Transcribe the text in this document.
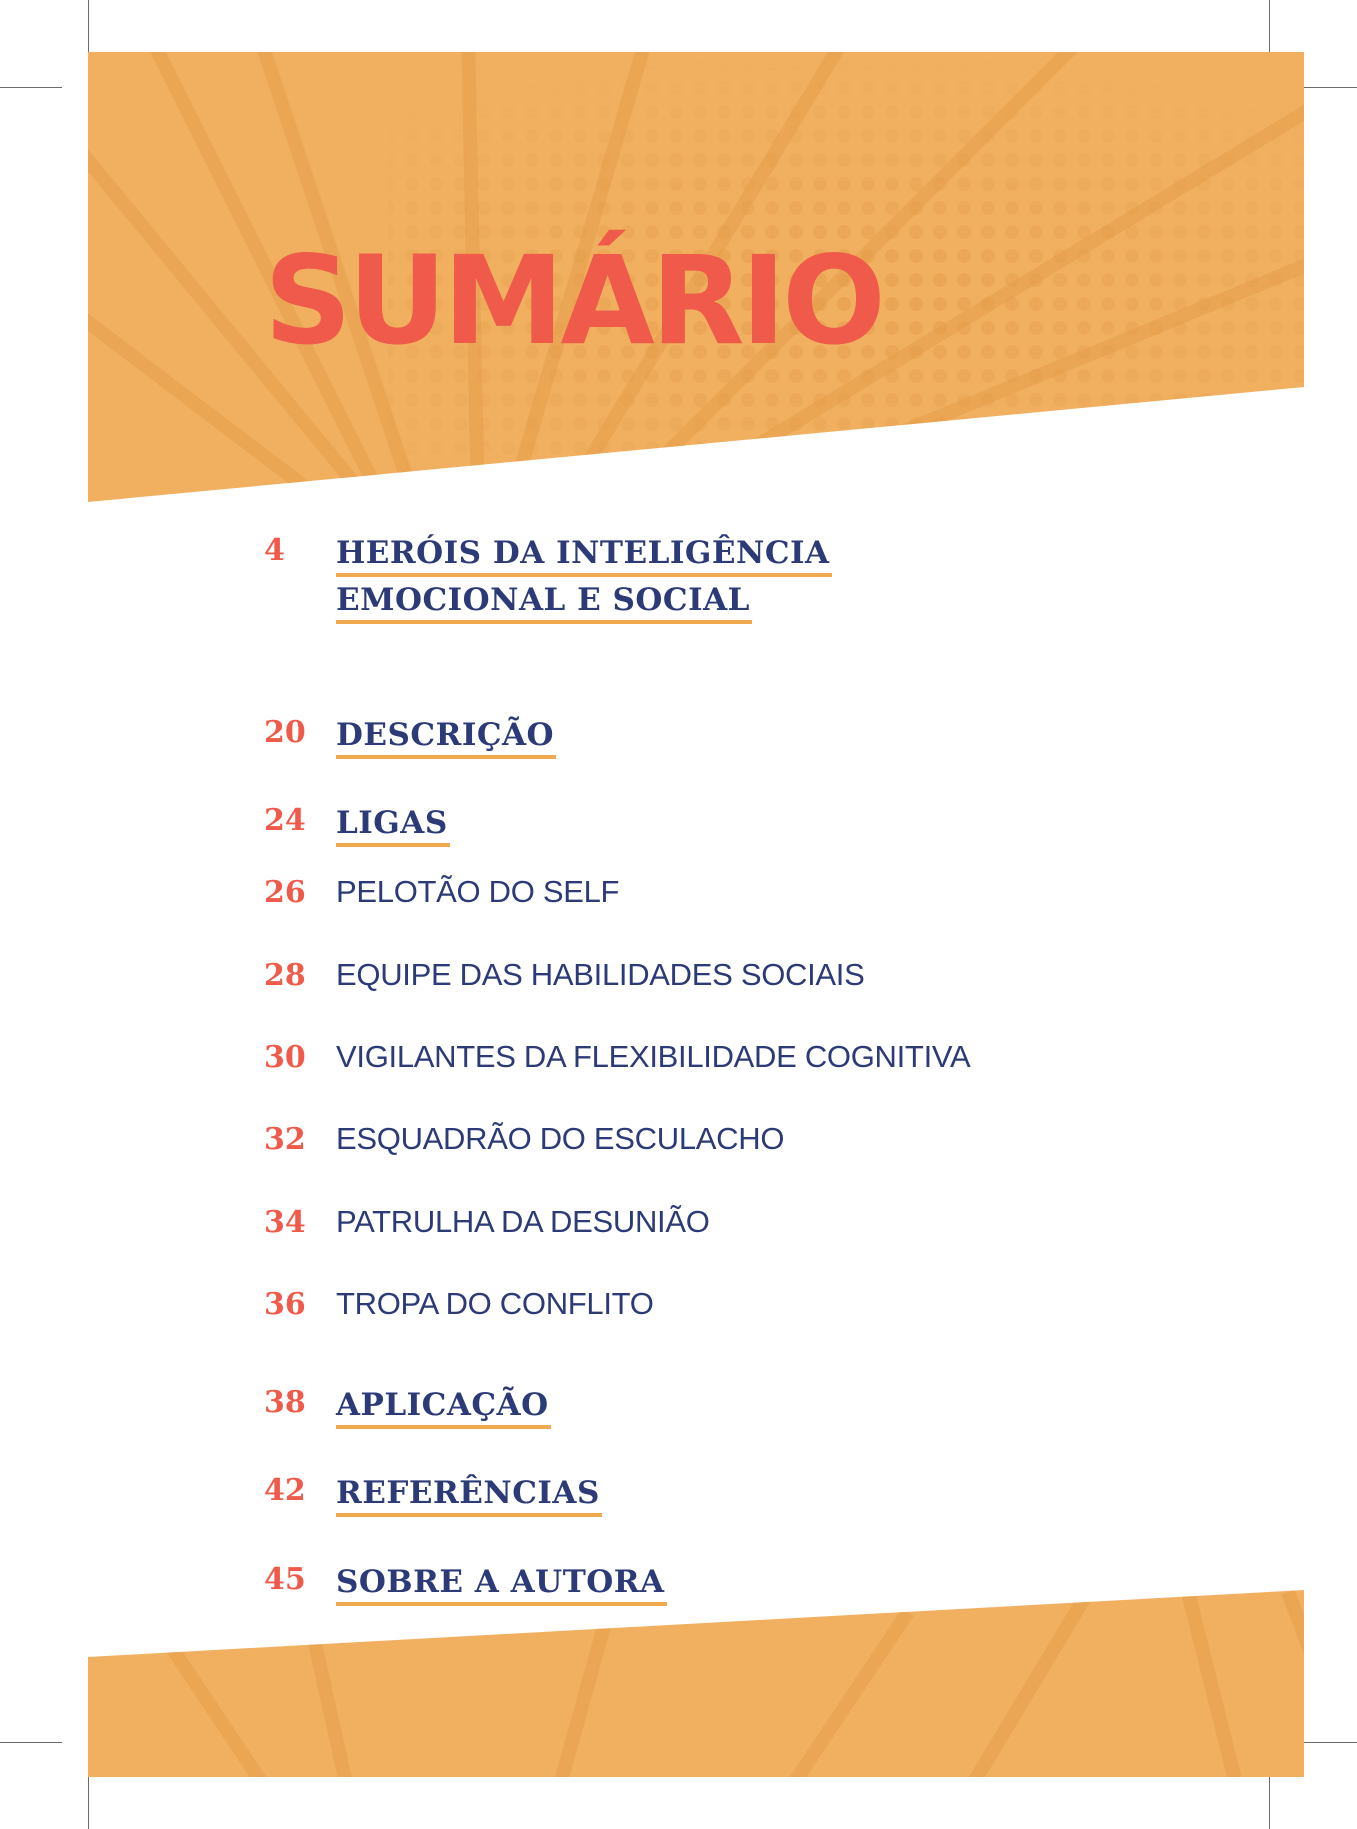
SUMÁRIO
4 HERÓIS DA INTELIGÊNCIA
EMOCIONAL E SOCIAL
20 DESCRIÇÃO
24 LIGAS
26 PELOTÃO DO SELF
28 EQUIPE DAS HABILIDADES SOCIAIS
30 VIGILANTES DA FLEXIBILIDADE COGNITIVA
32 ESQUADRÃO DO ESCULACHO
34 PATRULHA DA DESUNIÃO
36 TROPA DO CONFLITO
38 APLICAÇÃO
42 REFERÊNCIAS
45 SOBRE A AUTORA
